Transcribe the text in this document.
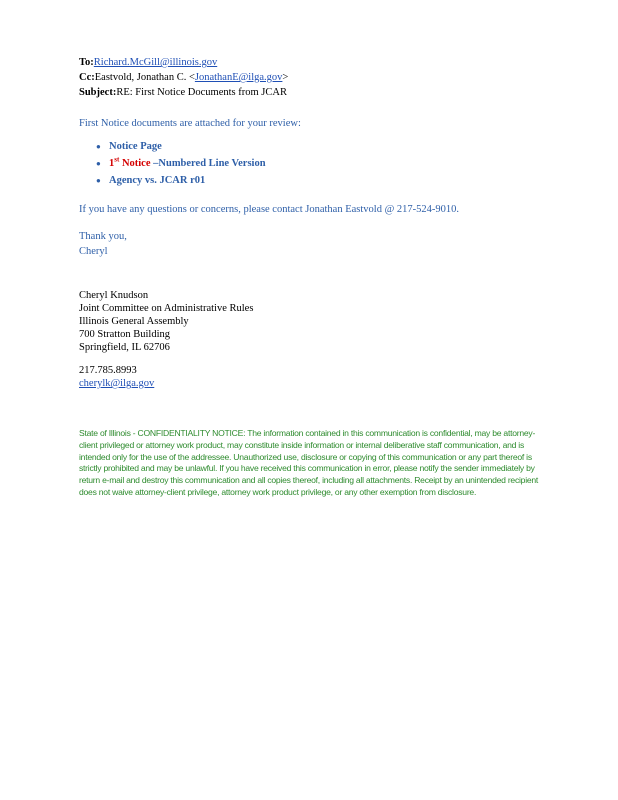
To:Richard.McGill@illinois.gov
Cc:Eastvold, Jonathan C. <JonathanE@ilga.gov>
Subject:RE: First Notice Documents from JCAR

First Notice documents are attached for your review:

● Notice Page
● 1st Notice –Numbered Line Version
● Agency vs. JCAR r01

If you have any questions or concerns, please contact Jonathan Eastvold @ 217-524-9010.

Thank you,

Cheryl

Cheryl Knudson
Joint Committee on Administrative Rules
Illinois General Assembly
700 Stratton Building
Springfield, IL 62706
217.785.8993
cherylk@ilga.gov
State of Illinois - CONFIDENTIALITY NOTICE: The information contained in this communication is confidential, may be attorney-client privileged or attorney work product, may constitute inside information or internal deliberative staff communication, and is intended only for the use of the addressee. Unauthorized use, disclosure or copying of this communication or any part thereof is strictly prohibited and may be unlawful. If you have received this communication in error, please notify the sender immediately by return e-mail and destroy this communication and all copies thereof, including all attachments. Receipt by an unintended recipient does not waive attorney-client privilege, attorney work product privilege, or any other exemption from disclosure.
